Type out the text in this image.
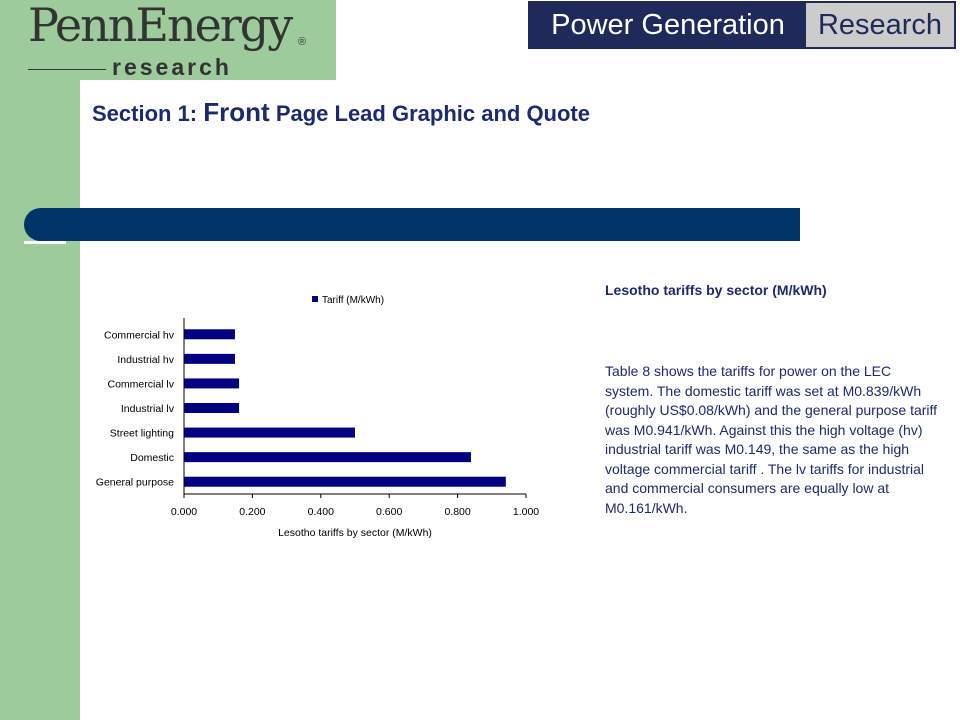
PennEnergy ®
research
Power Generation	Research
Section 1: Front Page Lead Graphic and Quote
Tariff (M/kWh)
Commercial hv
Industrial hv
Commercial lv
Industrial lv
Street lighting
Domestic
General purpose
0.000	0.200	0.400	0.600	0.800	1.000
Lesotho tariffs by sector (M/kWh)
Lesotho tariffs by sector (M/kWh)
Table 8 shows the tariffs for power on the LEC system. The domestic tariff was set at M0.839/kWh (roughly US$0.08/kWh) and the general purpose tariff was M0.941/kWh. Against this the high voltage (hv) industrial tariff was M0.149, the same as the high voltage commercial tariff . The lv tariffs for industrial and commercial consumers are equally low at M0.161/kWh.
